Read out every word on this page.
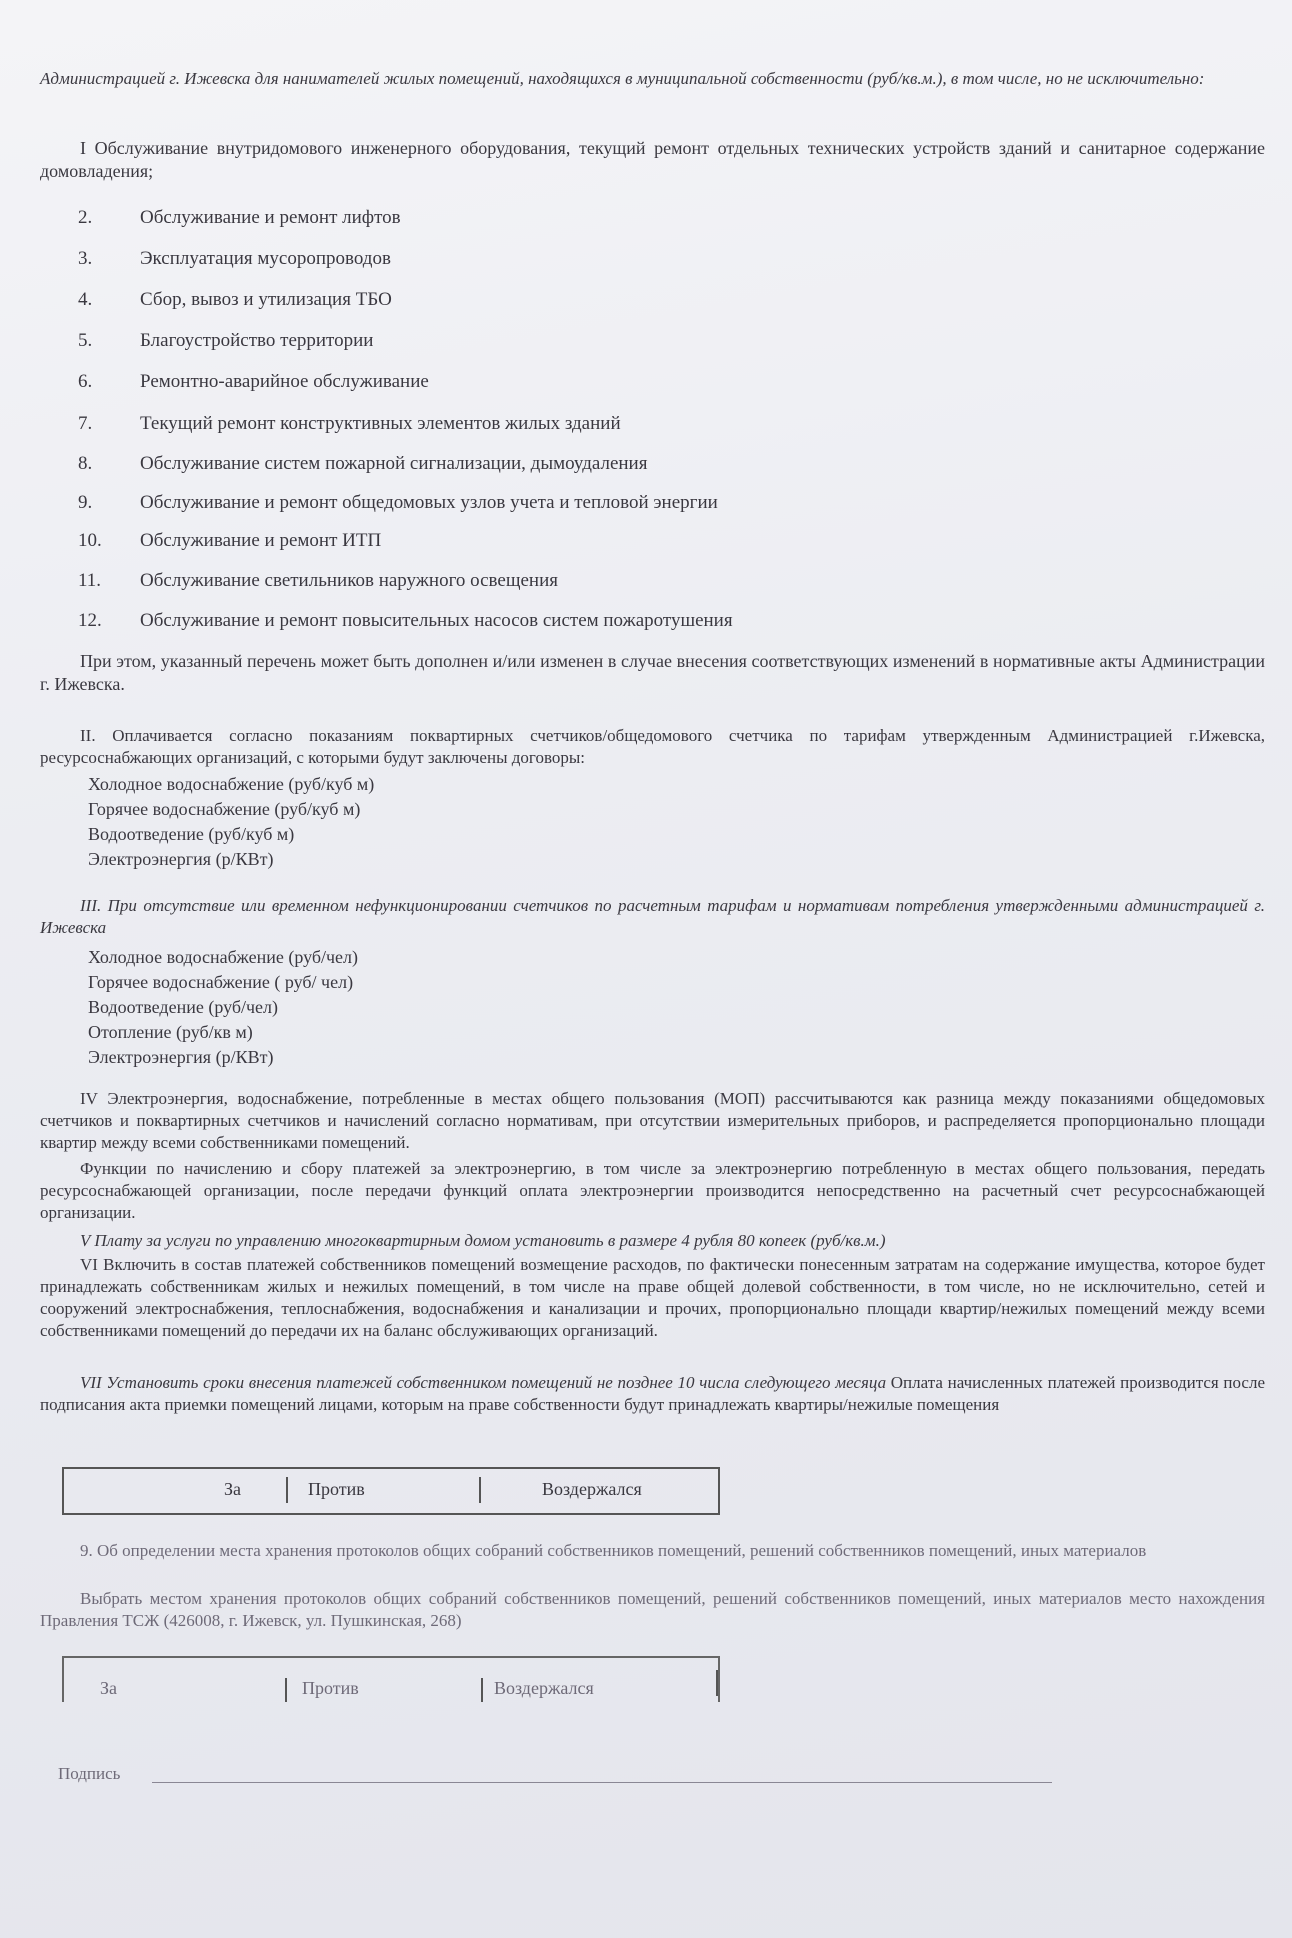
Администрацией г. Ижевска для нанимателей жилых помещений, находящихся в муниципальной собственности (руб/кв.м.), в том числе, но не исключительно:

I Обслуживание внутридомового инженерного оборудования, текущий ремонт отдельных технических устройств зданий и санитарное содержание домовладения;

2.	Обслуживание и ремонт лифтов
3.	Эксплуатация мусоропроводов
4.	Сбор, вывоз и утилизация ТБО
5.	Благоустройство территории
6.	Ремонтно-аварийное обслуживание
7.	Текущий ремонт конструктивных элементов жилых зданий
8.	Обслуживание систем пожарной сигнализации, дымоудаления
9.	Обслуживание и ремонт общедомовых узлов учета и тепловой энергии
10. Обслуживание и ремонт ИТП
11. Обслуживание светильников наружного освещения
12. Обслуживание и ремонт повысительных насосов систем пожаротушения

При этом, указанный перечень может быть дополнен и/или изменен в случае внесения соответствующих изменений в нормативные акты Администрации г. Ижевска.

II. Оплачивается согласно показаниям поквартирных счетчиков/общедомового счетчика по тарифам утвержденным Администрацией г.Ижевска, ресурсоснабжающих организаций, с которыми будут заключены договоры:

Холодное водоснабжение (руб/куб м)
Горячее водоснабжение (руб/куб м)
Водоотведение (руб/куб м)
Электроэнергия (р/КВт)

III. При отсутствие или временном нефункционировании счетчиков по расчетным тарифам и нормативам потребления утвержденными администрацией г. Ижевска

Холодное водоснабжение (руб/чел)
Горячее водоснабжение ( руб/ чел)
Водоотведение (руб/чел)
Отопление (руб/кв м)
Электроэнергия (р/КВт)

IV Электроэнергия, водоснабжение, потребленные в местах общего пользования (МОП) рассчитываются как разница между показаниями общедомовых счетчиков и поквартирных счетчиков и начислений согласно нормативам, при отсутствии измерительных приборов, и распределяется пропорционально площади квартир между всеми собственниками помещений.

Функции по начислению и сбору платежей за электроэнергию, в том числе за электроэнергию потребленную в местах общего пользования, передать ресурсоснабжающей организации, после передачи функций оплата электроэнергии производится непосредственно на расчетный счет ресурсоснабжающей организации.

V Плату за услуги по управлению многоквартирным домом установить в размере 4 рубля 80 копеек (руб/кв.м.)

VI Включить в состав платежей собственников помещений возмещение расходов, по фактически понесенным затратам на содержание имущества, которое будет принадлежать собственникам жилых и нежилых помещений, в том числе на праве общей долевой собственности, в том числе, но не исключительно, сетей и сооружений электроснабжения, теплоснабжения, водоснабжения и канализации и прочих, пропорционально площади квартир/нежилых помещений между всеми собственниками помещений до передачи их на баланс обслуживающих организаций.

VII Установить сроки внесения платежей собственником помещений не позднее 10 числа следующего месяца Оплата начисленных платежей производится после подписания акта приемки помещений лицами, которым на праве собственности будут принадлежать квартиры/нежилые помещения

За	Против	Воздержался

9. Об определении места хранения протоколов общих собраний собственников помещений, решений собственников помещений, иных материалов

Выбрать местом хранения протоколов общих собраний собственников помещений, решений собственников помещений, иных материалов место нахождения Правления ТСЖ (426008, г. Ижевск, ул. Пушкинская, 268)

За	Против	Воздержался
Подпись
